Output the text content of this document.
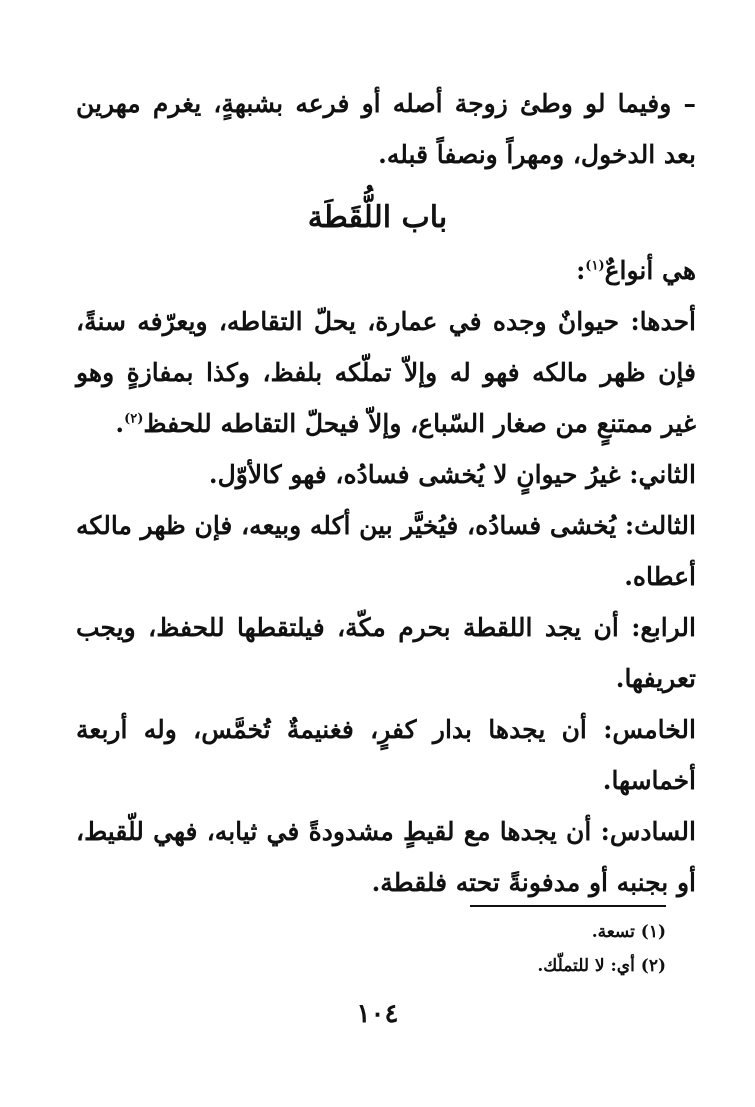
– وفيما لو وطئ زوجة أصله أو فرعه بشبهةٍ، يغرم مهرين بعد الدخول، ومهراً ونصفاً قبله.

باب اللُّقَطَة

هي أنواعٌ$^{(١)}$:

أحدها: حيوانٌ وجده في عمارة، يحلّ التقاطه، ويعرّفه سنةً، فإن ظهر مالكه فهو له وإلاّ تملّكه بلفظ، وكذا بمفازةٍ وهو غير ممتنعٍ من صغار السّباع، وإلاّ فيحلّ التقاطه للحفظ$^{(٢)}$.

الثاني: غيرُ حيوانٍ لا يُخشى فسادُه، فهو كالأوّل.

الثالث: يُخشى فسادُه، فيُخيَّر بين أكله وبيعه، فإن ظهر مالكه أعطاه.

الرابع: أن يجد اللقطة بحرم مكّة، فيلتقطها للحفظ، ويجب تعريفها.

الخامس: أن يجدها بدار كفرٍ، فغنيمةٌ تُخمَّس، وله أربعة أخماسها.

السادس: أن يجدها مع لقيطٍ مشدودةً في ثيابه، فهي للّقيط، أو بجنبه أو مدفونةً تحته فلقطة.

(١) تسعة.

(٢) أي: لا للتملّك.

١٠٤
